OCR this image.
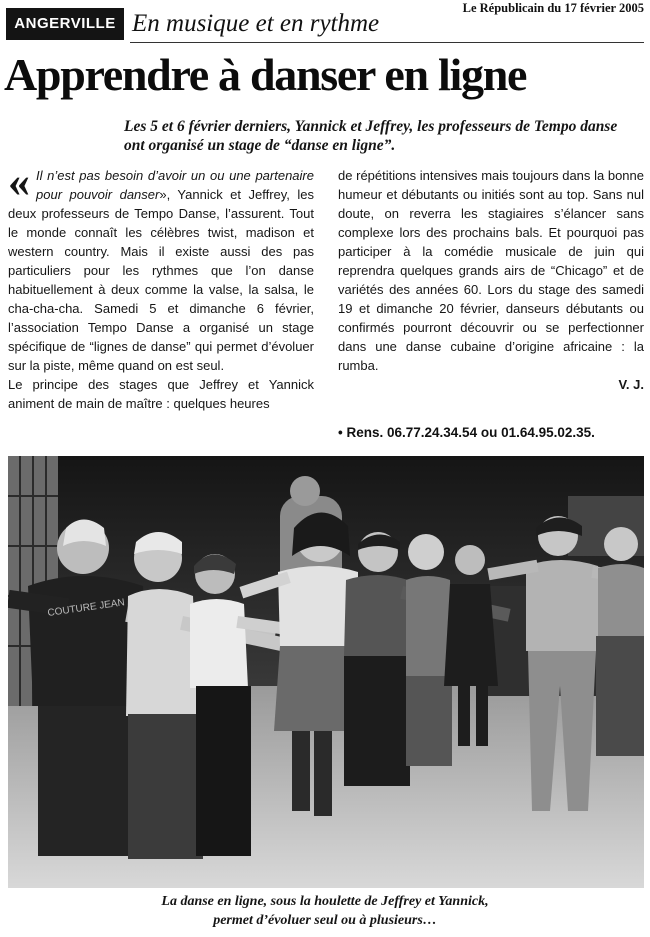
ANGERVILLE En musique et en rythme
Le Républicain du 17 février 2005
Apprendre à danser en ligne
Les 5 et 6 février derniers, Yannick et Jeffrey, les professeurs de Tempo danse
ont organisé un stage de “danse en ligne”.

« Il n’est pas besoin d’avoir un ou une partenaire pour pouvoir danser», Yannick et Jeffrey, les deux professeurs de Tempo Danse, l’assurent. Tout le monde connaît les célèbres twist, madison et western country. Mais il existe aussi des pas particuliers pour les rythmes que l’on danse habituellement à deux comme la valse, la salsa, le cha-cha-cha. Samedi 5 et dimanche 6 février, l’association Tempo Danse a organisé un stage spécifique de “lignes de danse” qui permet d’évoluer sur la piste, même quand on est seul.

Le principe des stages que Jeffrey et Yannick animent de main de maître : quelques heures

de répétitions intensives mais toujours dans la bonne humeur et débutants ou initiés sont au top. Sans nul doute, on reverra les stagiaires s’élancer sans complexe lors des prochains bals. Et pourquoi pas participer à la comédie musicale de juin qui reprendra quelques grands airs de “Chicago” et de variétés des années 60. Lors du stage des samedi 19 et dimanche 20 février, danseurs débutants ou confirmés pourront découvrir ou se perfectionner dans une danse cubaine d’origine africaine : la rumba.

V. J.
• Rens. 06.77.24.34.54 ou 01.64.95.02.35.
COUTURE JEAN
La danse en ligne, sous la houlette de Jeffrey et Yannick,
permet d’évoluer seul ou à plusieurs…
